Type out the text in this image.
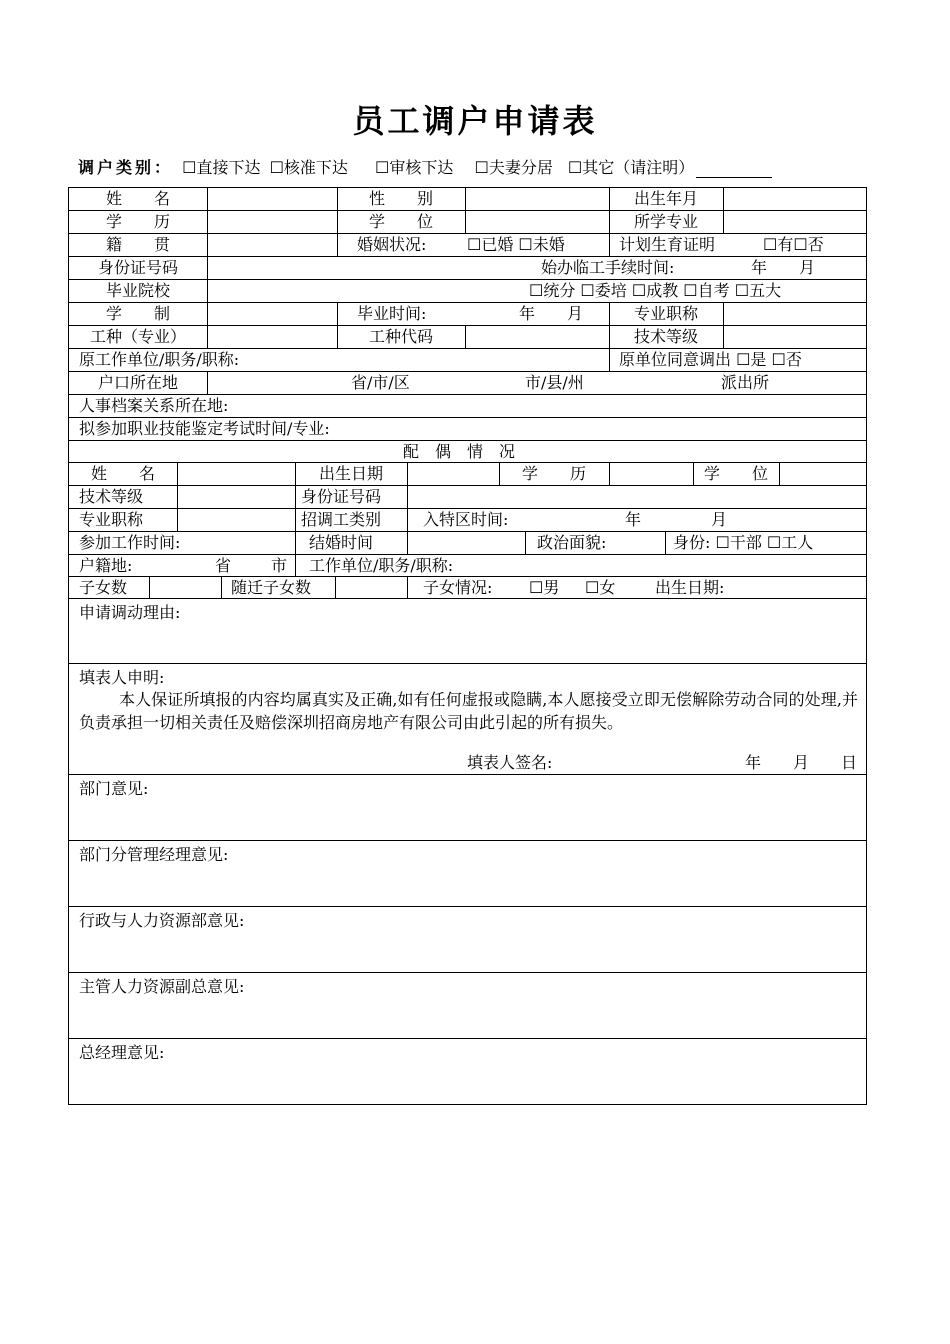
员工调户申请表
调户类别： ☐直接下达 ☐核准下达 ☐审核下达 ☐夫妻分居 ☐其它（请注明）
姓　　名	性　　别	出生年月
学　　历	学　　位	所学专业
籍　　贯	婚姻状况:	☐已婚 ☐未婚	计划生育证明	☐有☐否
身份证号码	始办临工手续时间:	年　　月
毕业院校	☐统分 ☐委培 ☐成教 ☐自考 ☐五大
学　　制	毕业时间:	年　　月	专业职称
工种（专业）	工种代码	技术等级
原工作单位/职务/职称:	原单位同意调出 ☐是 ☐否
户口所在地	省/市/区	市/县/州	派出所
人事档案关系所在地:
拟参加职业技能鉴定考试时间/专业:
配　偶　情　况
姓　　名	出生日期	学　　历	学　　位
技术等级	身份证号码
专业职称	招调工类别	入特区时间:	年	月
参加工作时间:	结婚时间	政治面貌:	身份: ☐干部 ☐工人
户籍地:	省 市 工作单位/职务/职称:
子女数	随迁子女数	子女情况:	☐男	☐女	出生日期:
申请调动理由:
填表人申明:
本人保证所填报的内容均属真实及正确,如有任何虚报或隐瞒,本人愿接受立即无偿解除劳动合同的处理,并负责承担一切相关责任及赔偿深圳招商房地产有限公司由此引起的所有损失。
填表人签名:	年 月 日
部门意见:
部门分管理经理意见:
行政与人力资源部意见:
主管人力资源副总意见:
总经理意见:
